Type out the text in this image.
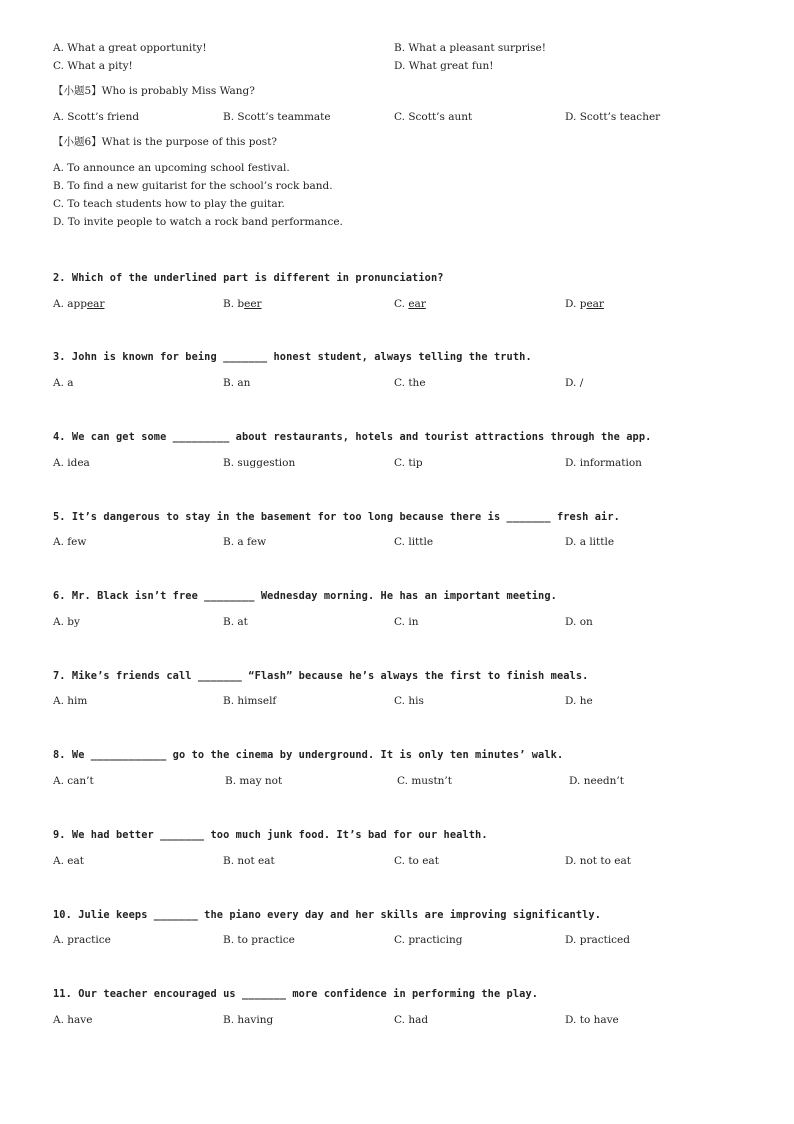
A. What a great opportunity!	B. What a pleasant surprise!
C. What a pity!	D. What great fun!
【小题5】Who is probably Miss Wang?
A. Scott’s friend	B. Scott’s teammate	C. Scott’s aunt	D. Scott’s teacher
【小题6】What is the purpose of this post?
A. To announce an upcoming school festival.
B. To find a new guitarist for the school’s rock band.
C. To teach students how to play the guitar.
D. To invite people to watch a rock band performance.
2. Which of the underlined part is different in pronunciation?
A. appear	B. beer	C. ear	D. pear
3. John is known for being _______ honest student, always telling the truth.
A. a	B. an	C. the	D. /
4. We can get some _________ about restaurants, hotels and tourist attractions through the app.
A. idea	B. suggestion	C. tip	D. information
5. It’s dangerous to stay in the basement for too long because there is _______ fresh air.
A. few	B. a few	C. little	D. a little
6. Mr. Black isn’t free ________ Wednesday morning. He has an important meeting.
A. by	B. at	C. in	D. on
7. Mike’s friends call _______ “Flash” because he’s always the first to finish meals.
A. him	B. himself	C. his	D. he
8. We ____________ go to the cinema by underground. It is only ten minutes’ walk.
A. can’t	B. may not	C. mustn’t	D. needn’t
9. We had better _______ too much junk food. It’s bad for our health.
A. eat	B. not eat	C. to eat	D. not to eat
10. Julie keeps _______ the piano every day and her skills are improving significantly.
A. practice	B. to practice	C. practicing	D. practiced
11. Our teacher encouraged us _______ more confidence in performing the play.
A. have	B. having	C. had	D. to have
